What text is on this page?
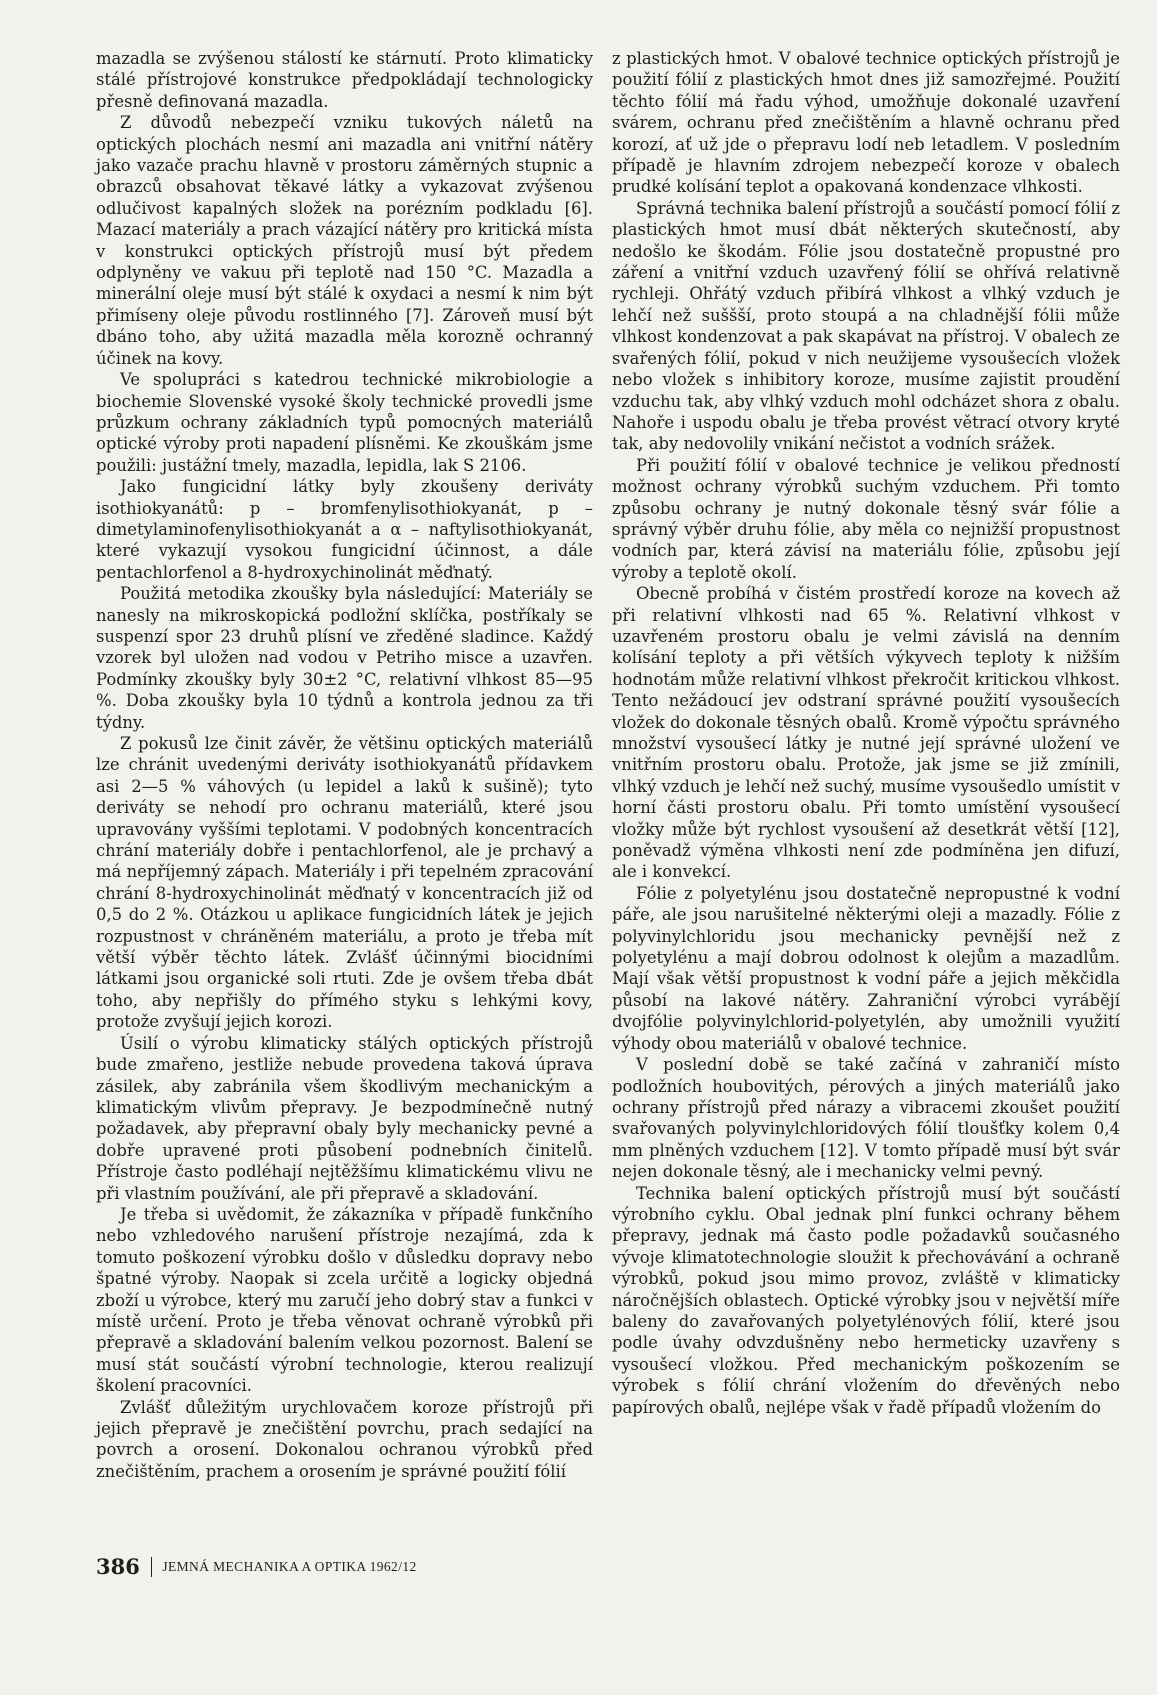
mazadla se zvýšenou stálostí ke stárnutí. Proto klimaticky stálé přístrojové konstrukce předpokládají technologicky přesně definovaná mazadla.

Z důvodů nebezpečí vzniku tukových náletů na optických plochách nesmí ani mazadla ani vnitřní nátěry jako vazače prachu hlavně v prostoru záměrných stupnic a obrazců obsahovat těkavé látky a vykazovat zvýšenou odlučivost kapalných složek na porézním podkladu [6]. Mazací materiály a prach vázající nátěry pro kritická místa v konstrukci optických přístrojů musí být předem odplyněny ve vakuu při teplotě nad 150 °C. Mazadla a minerální oleje musí být stálé k oxydaci a nesmí k nim být přimíseny oleje původu rostlinného [7]. Zároveň musí být dbáno toho, aby užitá mazadla měla korozně ochranný účinek na kovy.

Ve spolupráci s katedrou technické mikrobiologie a biochemie Slovenské vysoké školy technické provedli jsme průzkum ochrany základních typů pomocných materiálů optické výroby proti napadení plísněmi. Ke zkouškám jsme použili: justážní tmely, mazadla, lepidla, lak S 2106.

Jako fungicidní látky byly zkoušeny deriváty isothiokyanátů: p – bromfenylisothiokyanát, p – dimetylaminofenylisothiokyanát a α – naftylisothiokyanát, které vykazují vysokou fungicidní účinnost, a dále pentachlorfenol a 8-hydroxychinolinát měďnatý.

Použitá metodika zkoušky byla následující: Materiály se nanesly na mikroskopická podložní sklíčka, postříkaly se suspenzí spor 23 druhů plísní ve zředěné sladince. Každý vzorek byl uložen nad vodou v Petriho misce a uzavřen. Podmínky zkoušky byly 30±2 °C, relativní vlhkost 85—95 %. Doba zkoušky byla 10 týdnů a kontrola jednou za tři týdny.

Z pokusů lze činit závěr, že většinu optických materiálů lze chránit uvedenými deriváty isothiokyanátů přídavkem asi 2—5 % váhových (u lepidel a laků k sušině); tyto deriváty se nehodí pro ochranu materiálů, které jsou upravovány vyššími teplotami. V podobných koncentracích chrání materiály dobře i pentachlorfenol, ale je prchavý a má nepříjemný zápach. Materiály i při tepelném zpracování chrání 8-hydroxychinolinát měďnatý v koncentracích již od 0,5 do 2 %. Otázkou u aplikace fungicidních látek je jejich rozpustnost v chráněném materiálu, a proto je třeba mít větší výběr těchto látek. Zvlášť účinnými biocidními látkami jsou organické soli rtuti. Zde je ovšem třeba dbát toho, aby nepřišly do přímého styku s lehkými kovy, protože zvyšují jejich korozi.

Úsilí o výrobu klimaticky stálých optických přístrojů bude zmařeno, jestliže nebude provedena taková úprava zásilek, aby zabránila všem škodlivým mechanickým a klimatickým vlivům přepravy. Je bezpodmínečně nutný požadavek, aby přepravní obaly byly mechanicky pevné a dobře upravené proti působení podnebních činitelů. Přístroje často podléhají nejtěžšímu klimatickému vlivu ne při vlastním používání, ale při přepravě a skladování.

Je třeba si uvědomit, že zákazníka v případě funkčního nebo vzhledového narušení přístroje nezajímá, zda k tomuto poškození výrobku došlo v důsledku dopravy nebo špatné výroby. Naopak si zcela určitě a logicky objedná zboží u výrobce, který mu zaručí jeho dobrý stav a funkci v místě určení. Proto je třeba věnovat ochraně výrobků při přepravě a skladování balením velkou pozornost. Balení se musí stát součástí výrobní technologie, kterou realizují školení pracovníci.

Zvlášť důležitým urychlovačem koroze přístrojů při jejich přepravě je znečištění povrchu, prach sedající na povrch a orosení. Dokonalou ochranou výrobků před znečištěním, prachem a orosením je správné použití fólií

z plastických hmot. V obalové technice optických přístrojů je použití fólií z plastických hmot dnes již samozřejmé. Použití těchto fólií má řadu výhod, umožňuje dokonalé uzavření svárem, ochranu před znečištěním a hlavně ochranu před korozí, ať už jde o přepravu lodí neb letadlem. V posledním případě je hlavním zdrojem nebezpečí koroze v obalech prudké kolísání teplot a opakovaná kondenzace vlhkosti.

Správná technika balení přístrojů a součástí pomocí fólií z plastických hmot musí dbát některých skutečností, aby nedošlo ke škodám. Fólie jsou dostatečně propustné pro záření a vnitřní vzduch uzavřený fólií se ohřívá relativně rychleji. Ohřátý vzduch přibírá vlhkost a vlhký vzduch je lehčí než suššší, proto stoupá a na chladnější fólii může vlhkost kondenzovat a pak skapávat na přístroj. V obalech ze svařených fólií, pokud v nich neužijeme vysoušecích vložek nebo vložek s inhibitory koroze, musíme zajistit proudění vzduchu tak, aby vlhký vzduch mohl odcházet shora z obalu. Nahoře i uspodu obalu je třeba provést větrací otvory kryté tak, aby nedovolily vnikání nečistot a vodních srážek.

Při použití fólií v obalové technice je velikou předností možnost ochrany výrobků suchým vzduchem. Při tomto způsobu ochrany je nutný dokonale těsný svár fólie a správný výběr druhu fólie, aby měla co nejnižší propustnost vodních par, která závisí na materiálu fólie, způsobu její výroby a teplotě okolí.

Obecně probíhá v čistém prostředí koroze na kovech až při relativní vlhkosti nad 65 %. Relativní vlhkost v uzavřeném prostoru obalu je velmi závislá na denním kolísání teploty a při větších výkyvech teploty k nižším hodnotám může relativní vlhkost překročit kritickou vlhkost. Tento nežádoucí jev odstraní správné použití vysoušecích vložek do dokonale těsných obalů. Kromě výpočtu správného množství vysoušecí látky je nutné její správné uložení ve vnitřním prostoru obalu. Protože, jak jsme se již zmínili, vlhký vzduch je lehčí než suchý, musíme vysoušedlo umístit v horní části prostoru obalu. Při tomto umístění vysoušecí vložky může být rychlost vysoušení až desetkrát větší [12], poněvadž výměna vlhkosti není zde podmíněna jen difuzí, ale i konvekcí.

Fólie z polyetylénu jsou dostatečně nepropustné k vodní páře, ale jsou narušitelné některými oleji a mazadly. Fólie z polyvinylchloridu jsou mechanicky pevnější než z polyetylénu a mají dobrou odolnost k olejům a mazadlům. Mají však větší propustnost k vodní páře a jejich měkčidla působí na lakové nátěry. Zahraniční výrobci vyrábějí dvojfólie polyvinylchlorid-polyetylén, aby umožnili využití výhody obou materiálů v obalové technice.

V poslední době se také začíná v zahraničí místo podložních houbovitých, pérových a jiných materiálů jako ochrany přístrojů před nárazy a vibracemi zkoušet použití svařovaných polyvinylchloridových fólií tloušťky kolem 0,4 mm plněných vzduchem [12]. V tomto případě musí být svár nejen dokonale těsný, ale i mechanicky velmi pevný.

Technika balení optických přístrojů musí být součástí výrobního cyklu. Obal jednak plní funkci ochrany během přepravy, jednak má často podle požadavků současného vývoje klimatotechnologie sloužit k přechovávání a ochraně výrobků, pokud jsou mimo provoz, zvláště v klimaticky náročnějších oblastech. Optické výrobky jsou v největší míře baleny do zavařovaných polyetylénových fólií, které jsou podle úvahy odvzdušněny nebo hermeticky uzavřeny s vysoušecí vložkou. Před mechanickým poškozením se výrobek s fólií chrání vložením do dřevěných nebo papírových obalů, nejlépe však v řadě případů vložením do

386 JEMNÁ MECHANIKA A OPTIKA 1962/12
